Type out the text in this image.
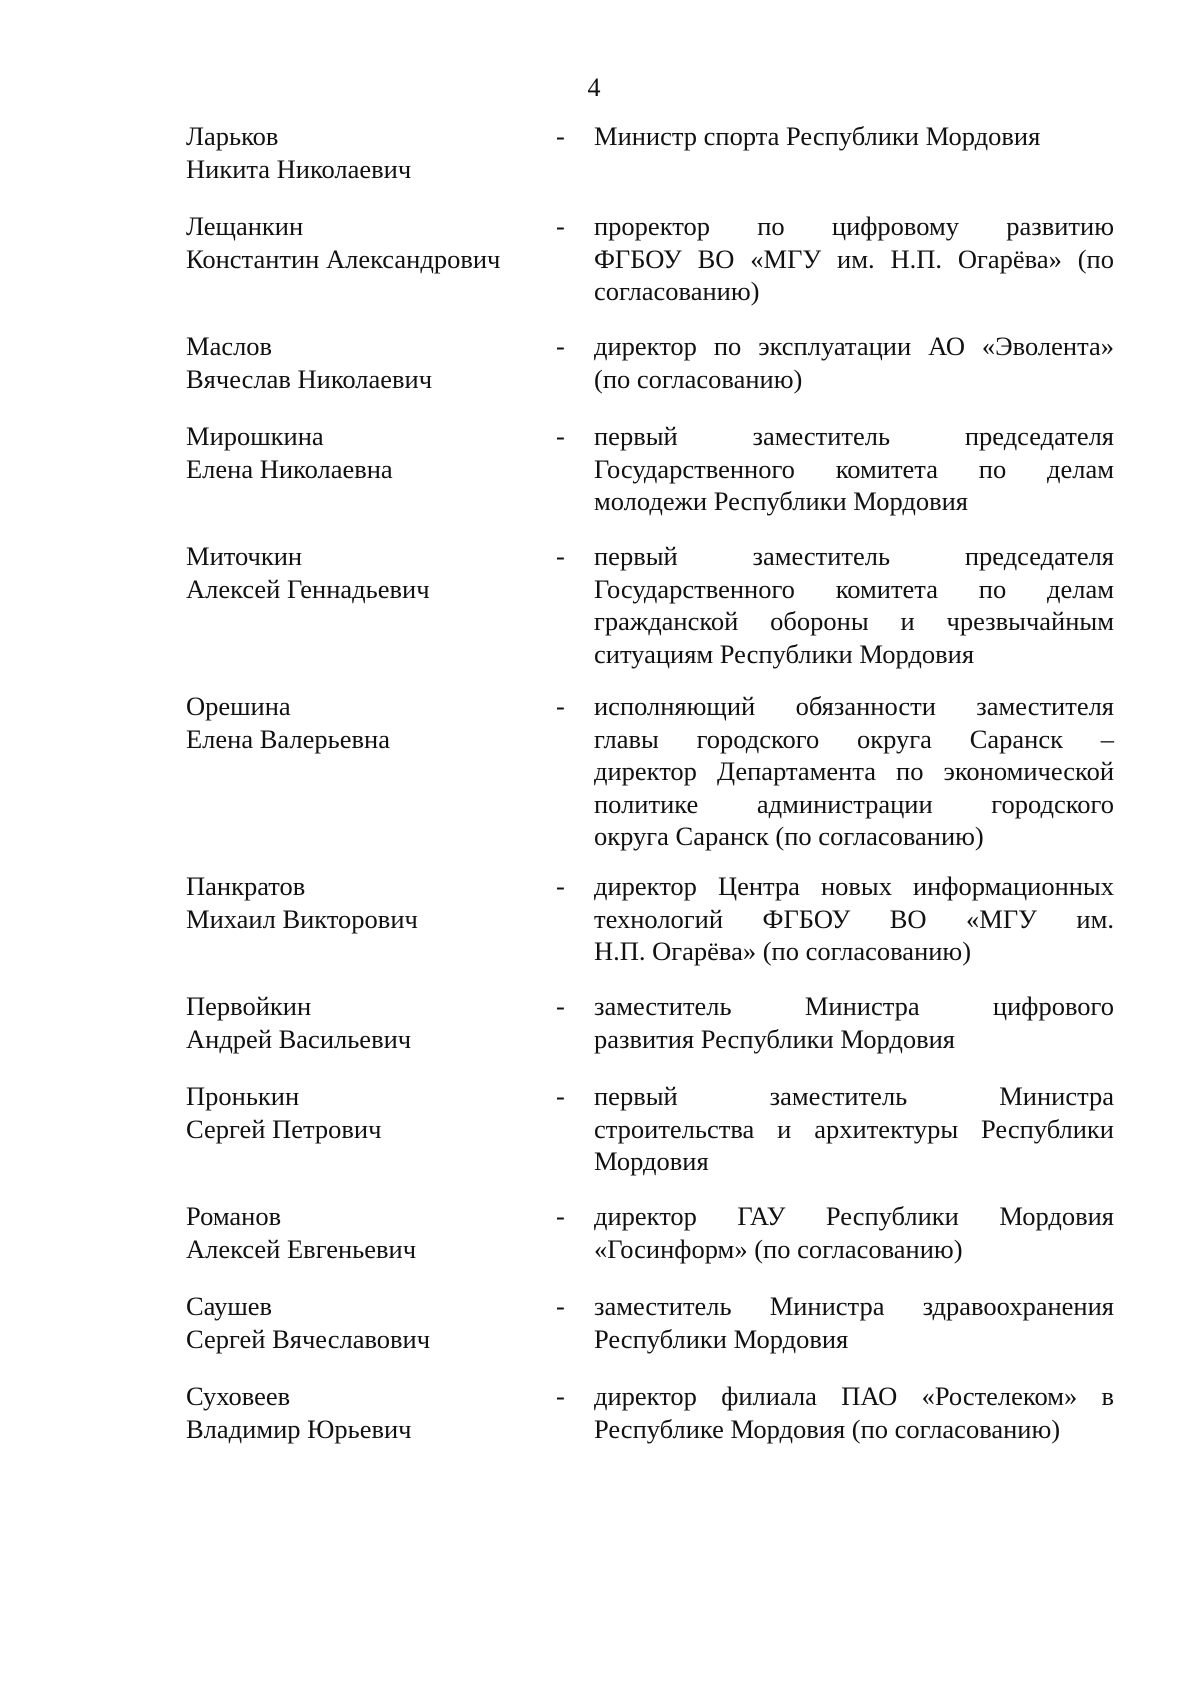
4
Ларьков
Никита Николаевич
- Министр спорта Республики Мордовия
Лещанкин
Константин Александрович
- проректор по цифровому развитию
ФГБОУ ВО «МГУ им. Н.П. Огарёва» (по
согласованию)
Маслов
Вячеслав Николаевич
- директор по эксплуатации АО «Эволента»
(по согласованию)
Мирошкина
Елена Николаевна
- первый заместитель председателя
Государственного комитета по делам
молодежи Республики Мордовия
Миточкин
Алексей Геннадьевич
- первый заместитель председателя
Государственного комитета по делам
гражданской обороны и чрезвычайным
ситуациям Республики Мордовия
Орешина
Елена Валерьевна
- исполняющий обязанности заместителя
главы городского округа Саранск –
директор Департамента по экономической
политике администрации городского
округа Саранск (по согласованию)
Панкратов
Михаил Викторович
- директор Центра новых информационных
технологий ФГБОУ ВО «МГУ им.
Н.П. Огарёва» (по согласованию)
Первойкин
Андрей Васильевич
- заместитель Министра цифрового
развития Республики Мордовия
Пронькин
Сергей Петрович
- первый заместитель Министра
строительства и архитектуры Республики
Мордовия
Романов
Алексей Евгеньевич
- директор ГАУ Республики Мордовия
«Госинформ» (по согласованию)
Саушев
Сергей Вячеславович
- заместитель Министра здравоохранения
Республики Мордовия
Суховеев
Владимир Юрьевич
- директор филиала ПАО «Ростелеком» в
Республике Мордовия (по согласованию)
